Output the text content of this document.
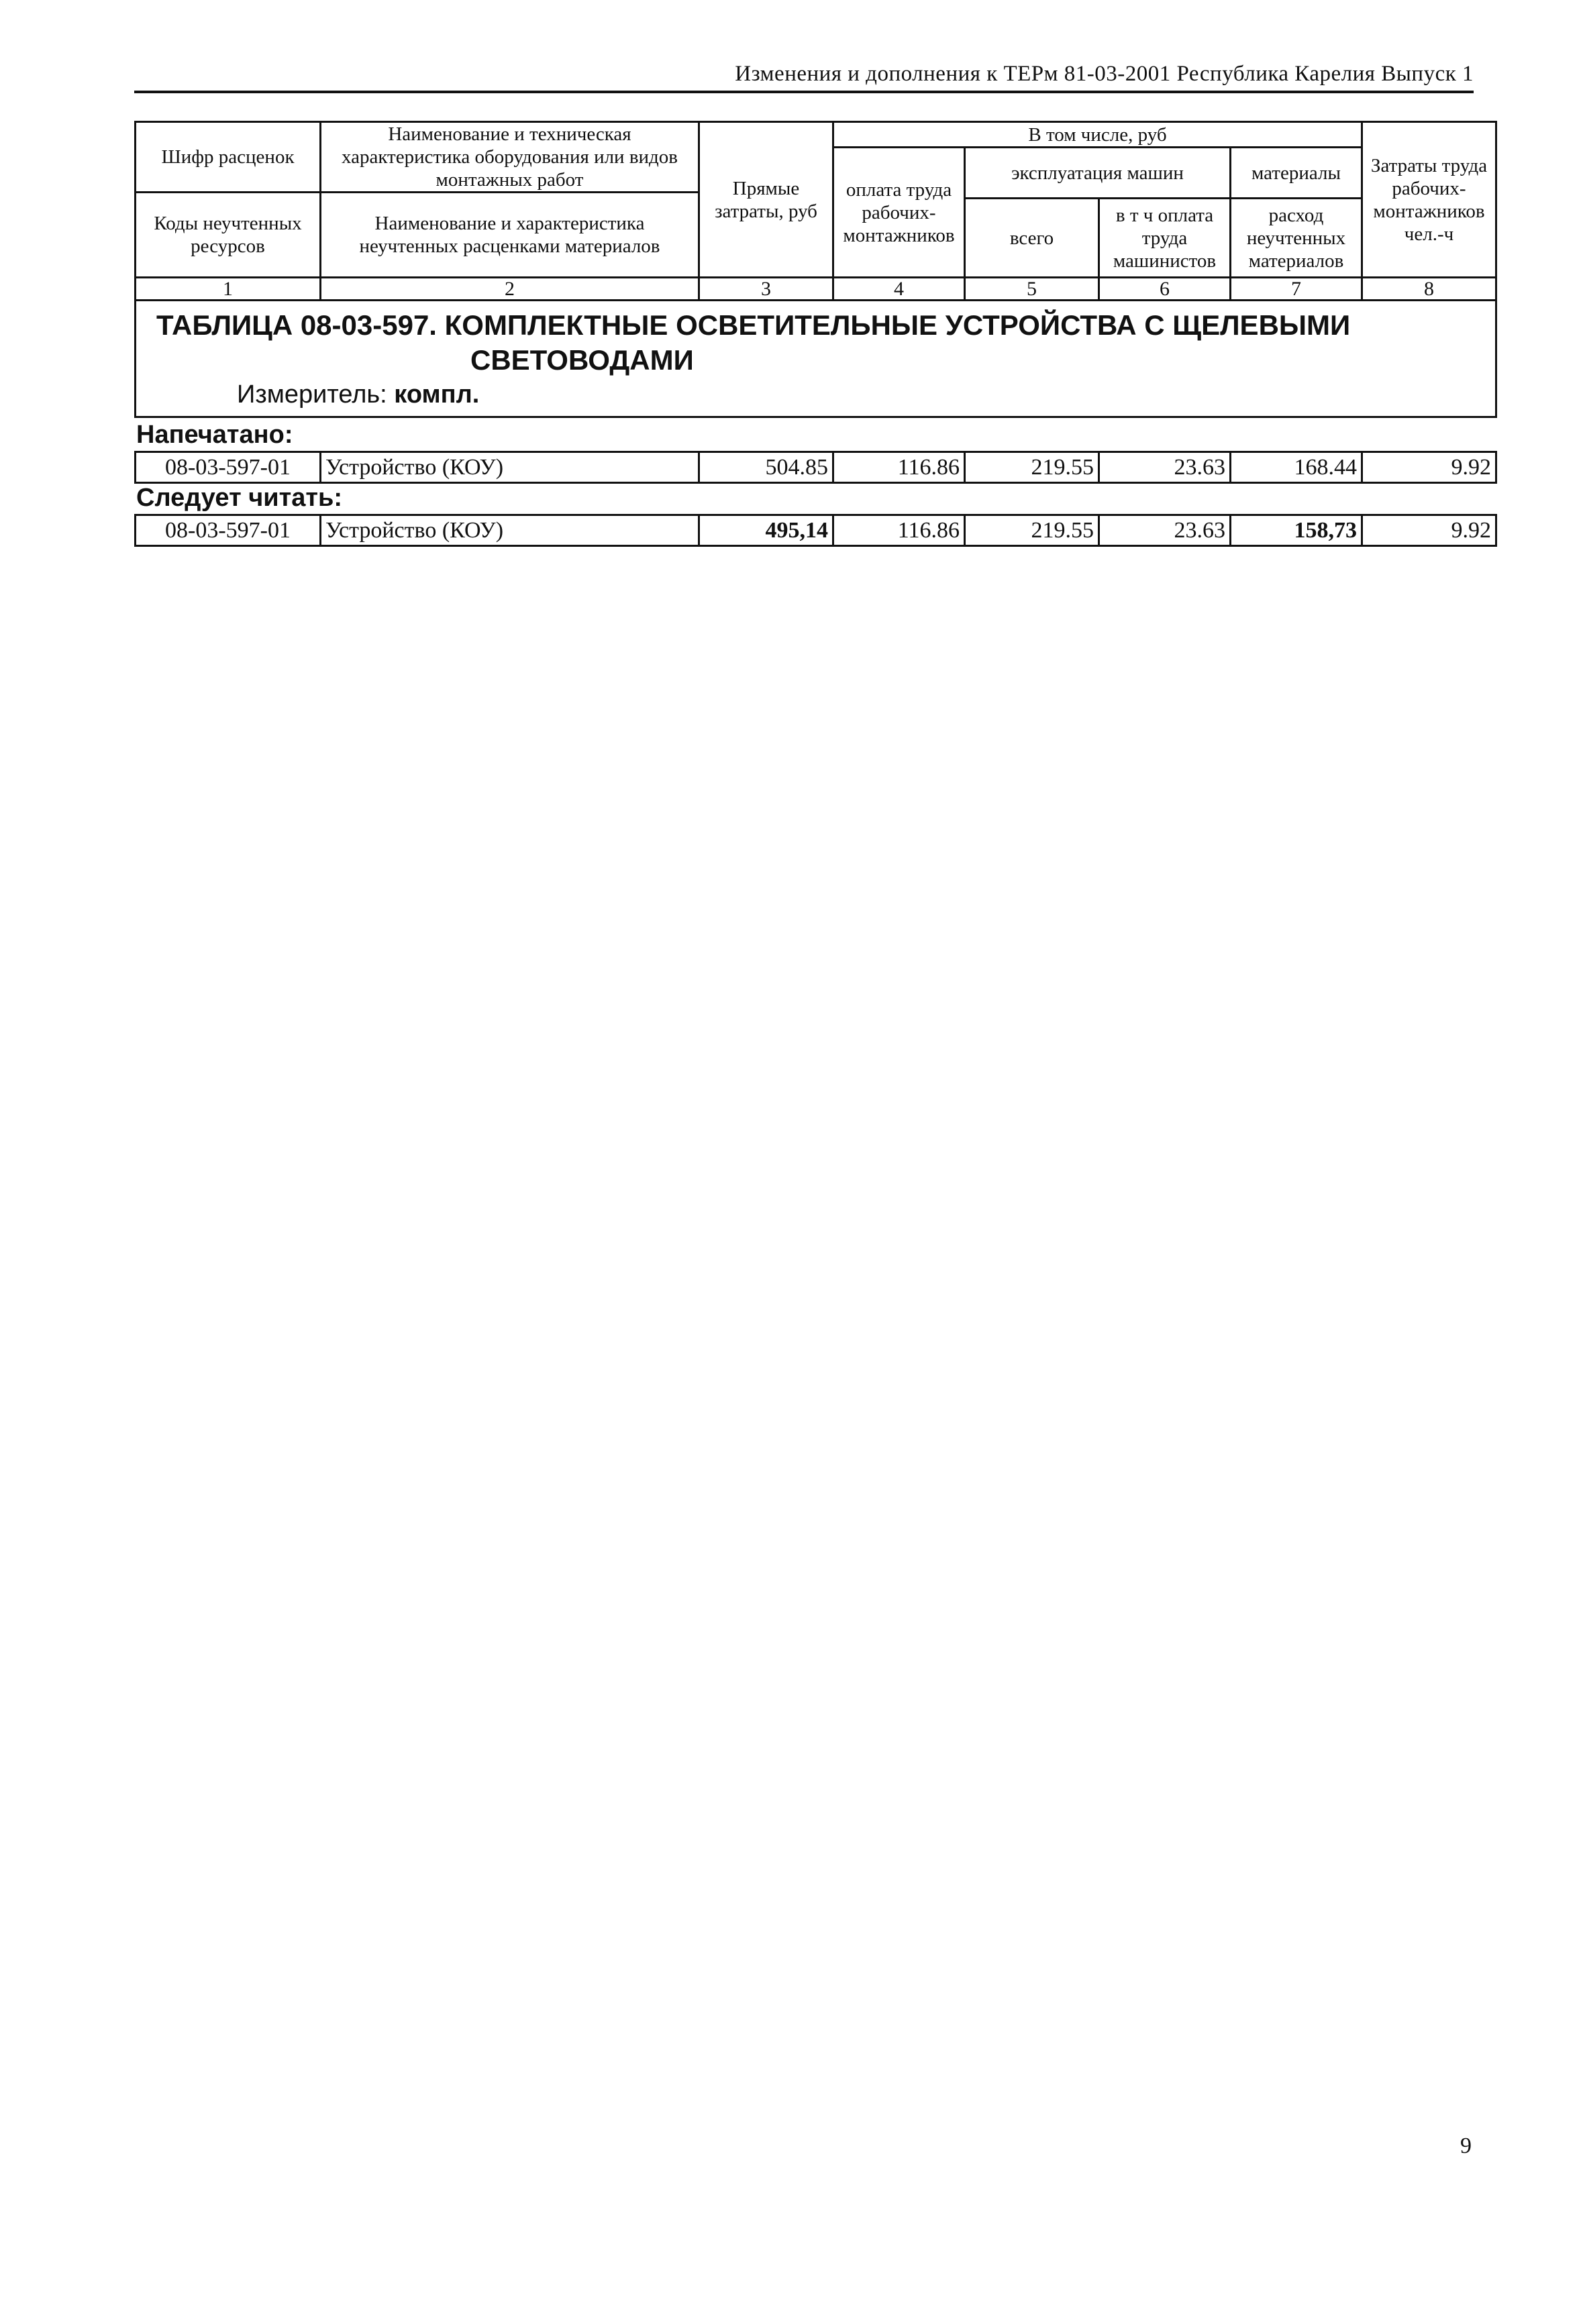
Изменения и дополнения к ТЕРм 81-03-2001 Республика Карелия Выпуск 1
Шифр расценок	Наименование и техническая характеристика оборудования или видов монтажных работ	Прямые затраты, руб	В том числе, руб				Затраты труда рабочих-монтажников чел.-ч
			оплата труда рабочих-монтажников	эксплуатация машин		материалы	
Коды неучтенных ресурсов	Наименование и характеристика неучтенных расценками материалов						
				всего	в т ч оплата труда машинистов	расход неучтенных материалов	
1	2	3	4	5	6	7	8

ТАБЛИЦА 08-03-597. КОМПЛЕКТНЫЕ ОСВЕТИТЕЛЬНЫЕ УСТРОЙСТВА С ЩЕЛЕВЫМИ
СВЕТОВОДАМИ
Измеритель: компл.							
Напечатано:
08-03-597-01	Устройство (КОУ)	504.85	116.86	219.55	23.63	168.44	9.92
Следует читать:
08-03-597-01	Устройство (КОУ)	495,14	116.86	219.55	23.63	158,73	9.92
9
